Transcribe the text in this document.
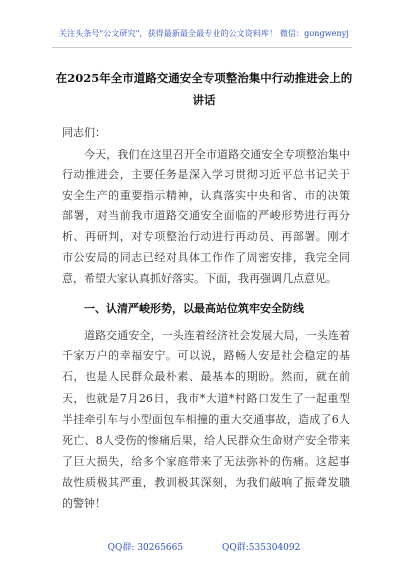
关注头条号"公文研究"，获得最新最全最专业的公文资料库！ 微信：gongwenyj
在2025年全市道路交通安全专项整治集中行动推进会上的
讲话
同志们：
今天，我们在这里召开全市道路交通安全专项整治集中
行动推进会，主要任务是深入学习贯彻习近平总书记关于
安全生产的重要指示精神，认真落实中央和省、市的决策
部署，对当前我市道路交通安全面临的严峻形势进行再分
析、再研判，对专项整治行动进行再动员、再部署。刚才
市公安局的同志已经对具体工作作了周密安排，我完全同
意，希望大家认真抓好落实。下面，我再强调几点意见。
一、认清严峻形势，以最高站位筑牢安全防线
道路交通安全，一头连着经济社会发展大局，一头连着
千家万户的幸福安宁。可以说，路畅人安是社会稳定的基
石，也是人民群众最朴素、最基本的期盼。然而，就在前
天，也就是7月26日，我市*大道*村路口发生了一起重型
半挂牵引车与小型面包车相撞的重大交通事故，造成了6人
死亡、8人受伤的惨痛后果，给人民群众生命财产安全带来
了巨大损失，给多个家庭带来了无法弥补的伤痛。这起事
故性质极其严重，教训极其深刻，为我们敲响了振聋发聩
的警钟！
QQ群: 30265665	QQ群:535304092
